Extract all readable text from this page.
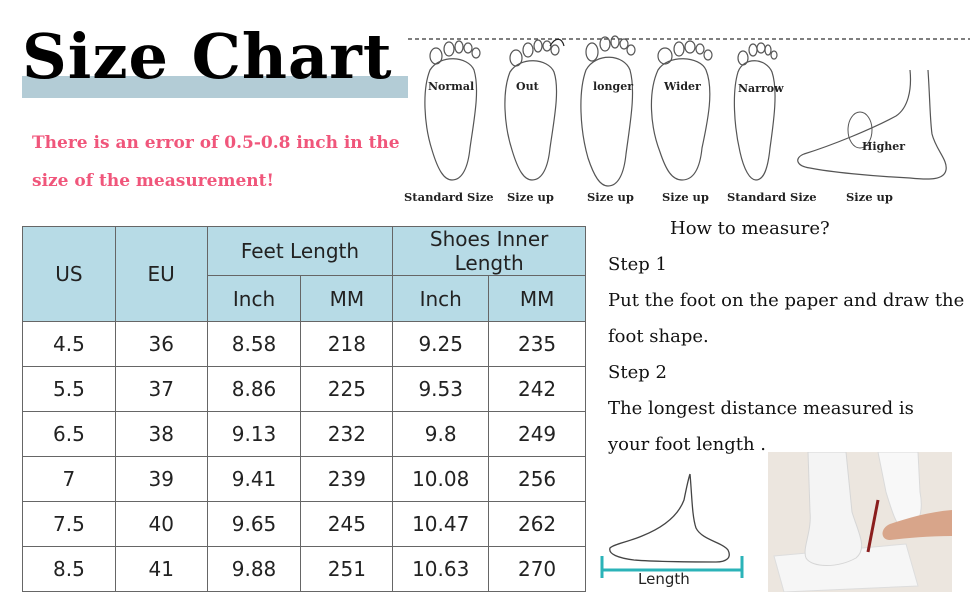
Size Chart
There is an error of 0.5-0.8 inch in the
size of the measurement!
Normal	Out	longer	Wider	Narrow
Higher
Standard Size Size up	Size up Size up Standard Size	Size up
US	EU	Feet Length		Shoes Inner Length	
		Inch	MM	Inch	MM
4.5	36	8.58	218	9.25	235
5.5	37	8.86	225	9.53	242
6.5	38	9.13	232	9.8	249
7	39	9.41	239	10.08	256
7.5	40	9.65	245	10.47	262
8.5	41	9.88	251	10.63	270
How to measure?
Step 1
Put the foot on the paper and draw the
foot shape.
Step 2
The longest distance measured is
your foot length .
Length
